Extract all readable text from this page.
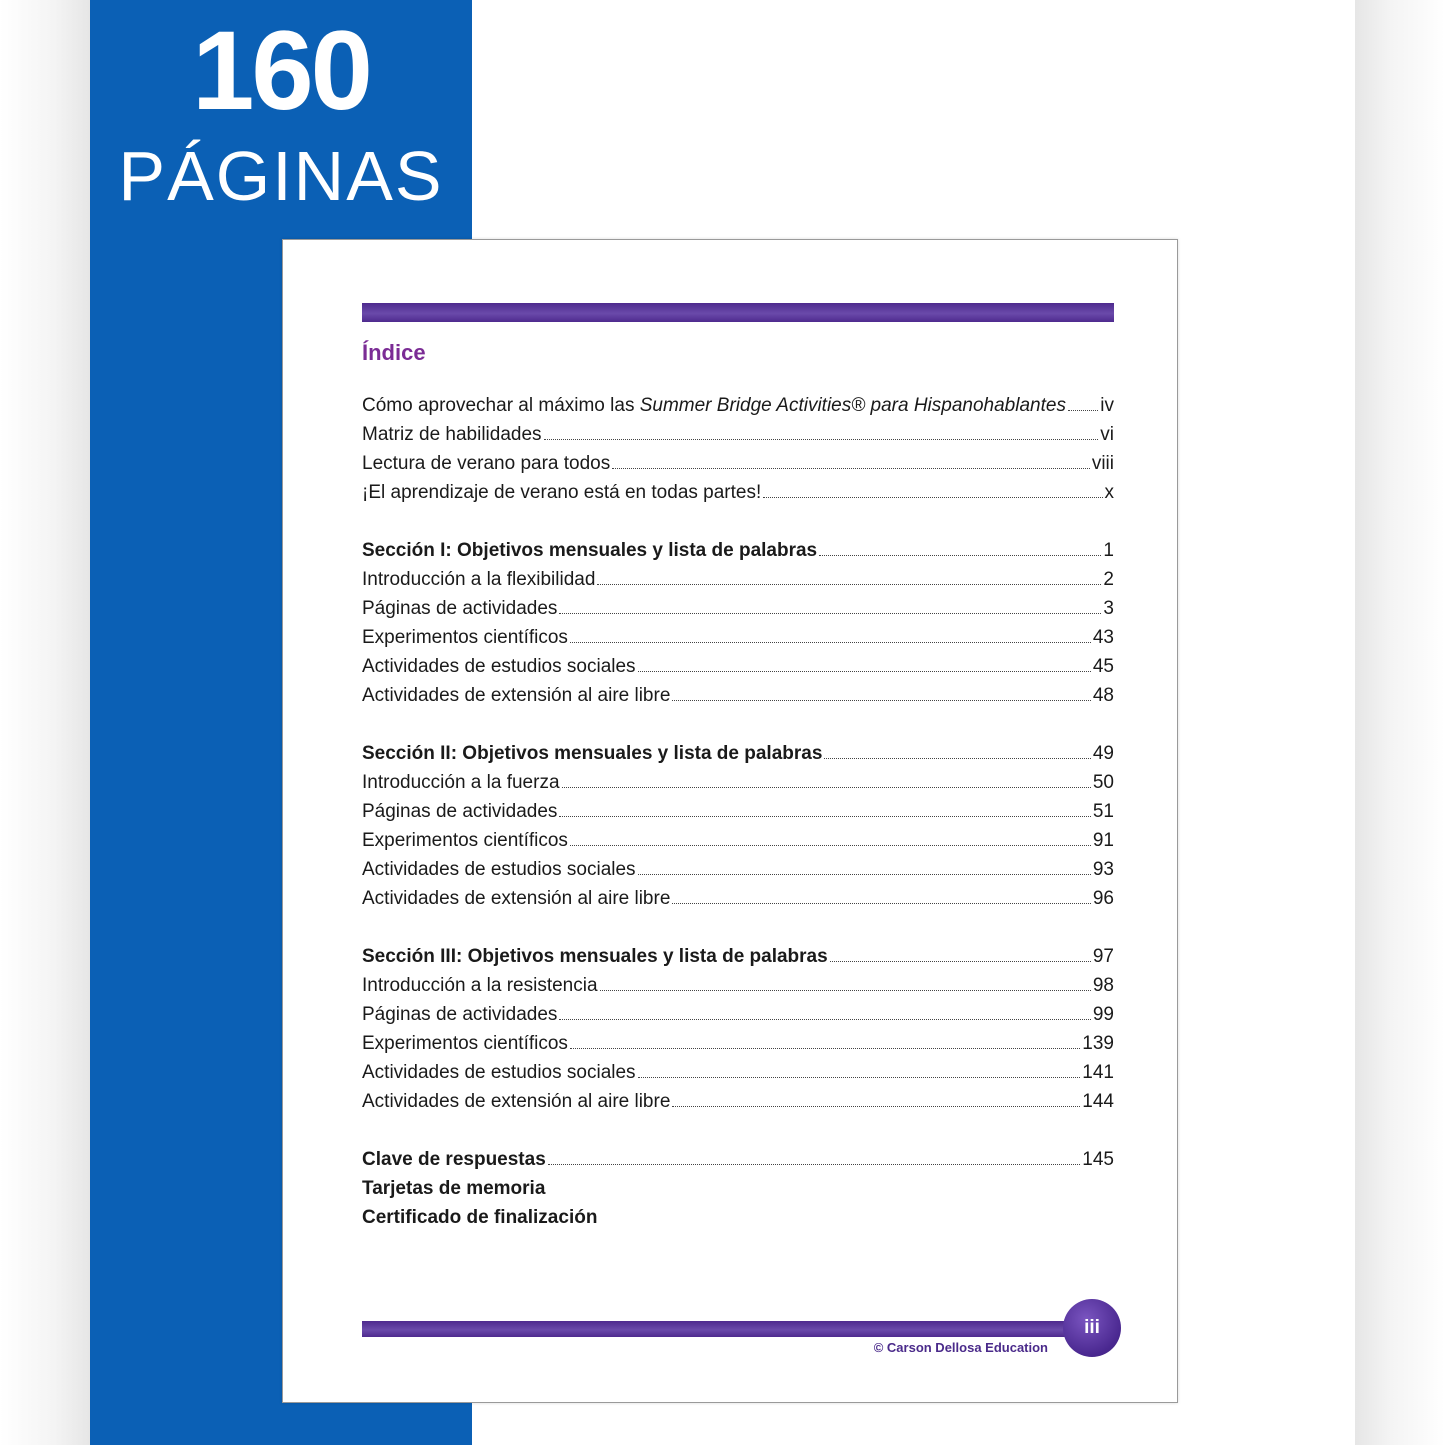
160
PÁGINAS
Índice
Cómo aprovechar al máximo las Summer Bridge Activities® para Hispanohablantes iv
Matriz de habilidades	vi
Lectura de verano para todos	viii
¡El aprendizaje de verano está en todas partes!	x
Sección I: Objetivos mensuales y lista de palabras	1
Introducción a la flexibilidad	2
Páginas de actividades	3
Experimentos científicos	43
Actividades de estudios sociales	45
Actividades de extensión al aire libre	48
Sección II: Objetivos mensuales y lista de palabras	49
Introducción a la fuerza	50
Páginas de actividades	51
Experimentos científicos	91
Actividades de estudios sociales	93
Actividades de extensión al aire libre	96
Sección III: Objetivos mensuales y lista de palabras	97
Introducción a la resistencia	98
Páginas de actividades	99
Experimentos científicos	139
Actividades de estudios sociales	141
Actividades de extensión al aire libre	144
Clave de respuestas	145
Tarjetas de memoria
Certificado de finalización
iii
© Carson Dellosa Education
